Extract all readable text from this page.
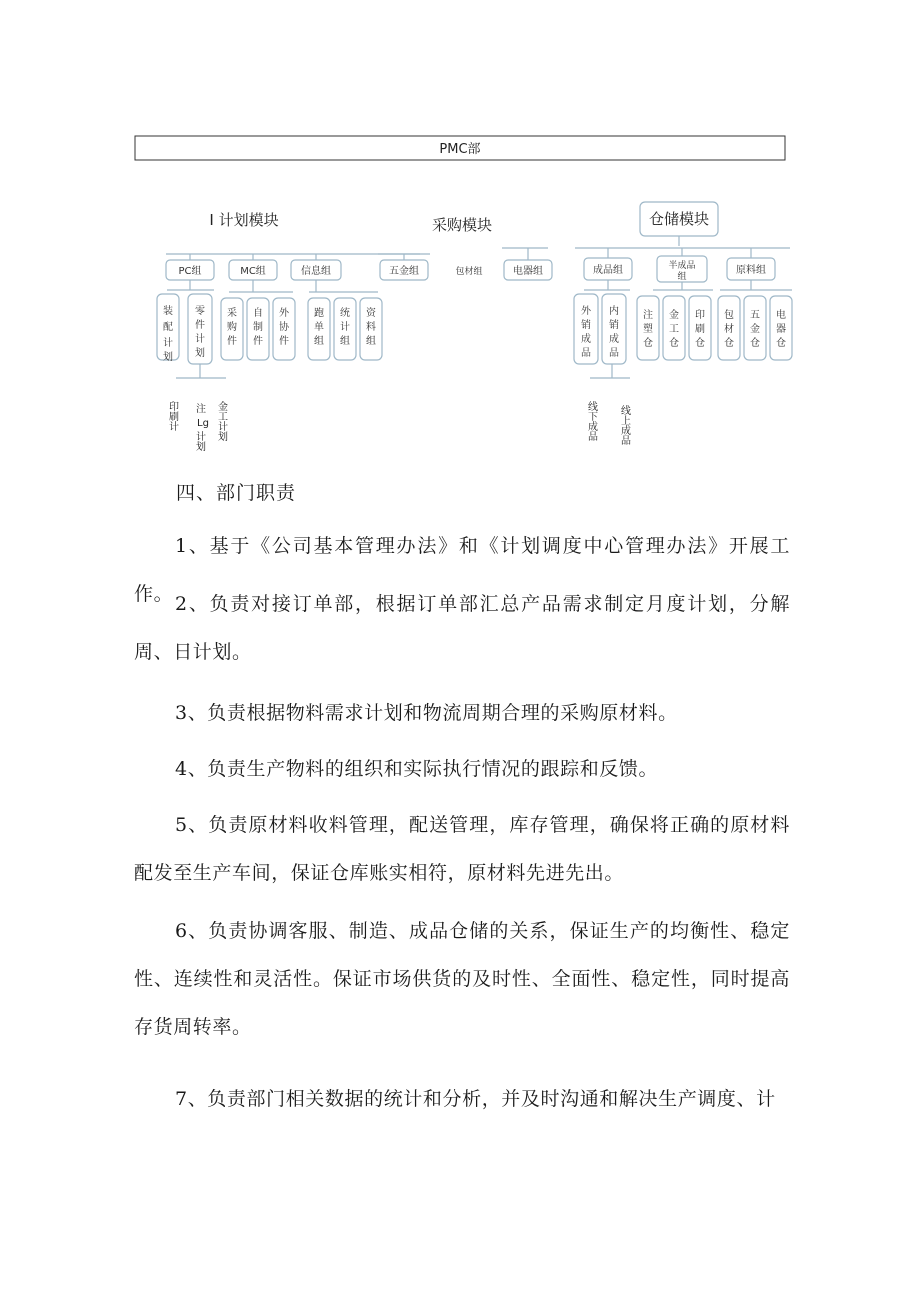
PMC部
I 计划模块	采购模块	仓储模块
PC组	MC组	信息组	五金组	包材组	电器组	成品组	半成品
组
原料组
装配计划
零件计划
采购件
自制件
外协件
跑单组
统计组
资料组
外销成品
内销成品
注塑仓
金工仓
印刷仓
包材仓
五金仓
电器仓
印刷计
注 Lg 计划
金工计划
线下成品
线上成品
四、部门职责
1、基于《公司基本管理办法》和《计划调度中心管理办法》开展工作。 2、负责对接订单部，根据订单部汇总产品需求制定月度计划，分解周、日计划。
3、负责根据物料需求计划和物流周期合理的采购原材料。
4、负责生产物料的组织和实际执行情况的跟踪和反馈。
5、负责原材料收料管理，配送管理，库存管理，确保将正确的原材料配发至生产车间，保证仓库账实相符，原材料先进先出。
6、负责协调客服、制造、成品仓储的关系，保证生产的均衡性、稳定性、连续性和灵活性。保证市场供货的及时性、全面性、稳定性，同时提高存货周转率。
7、负责部门相关数据的统计和分析，并及时沟通和解决生产调度、计
